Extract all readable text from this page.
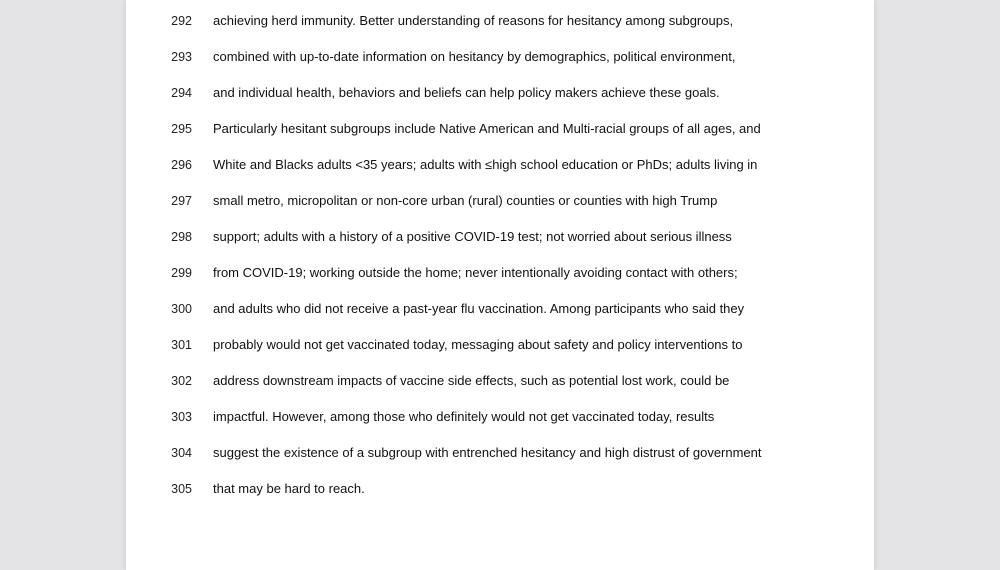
292 achieving herd immunity. Better understanding of reasons for hesitancy among subgroups,
293 combined with up-to-date information on hesitancy by demographics, political environment,
294 and individual health, behaviors and beliefs can help policy makers achieve these goals.
295 Particularly hesitant subgroups include Native American and Multi-racial groups of all ages, and
296 White and Blacks adults <35 years; adults with ≤high school education or PhDs; adults living in
297 small metro, micropolitan or non-core urban (rural) counties or counties with high Trump
298 support; adults with a history of a positive COVID-19 test; not worried about serious illness
299 from COVID-19; working outside the home; never intentionally avoiding contact with others;
300 and adults who did not receive a past-year flu vaccination. Among participants who said they
301 probably would not get vaccinated today, messaging about safety and policy interventions to
302 address downstream impacts of vaccine side effects, such as potential lost work, could be
303 impactful. However, among those who definitely would not get vaccinated today, results
304 suggest the existence of a subgroup with entrenched hesitancy and high distrust of government
305 that may be hard to reach.
